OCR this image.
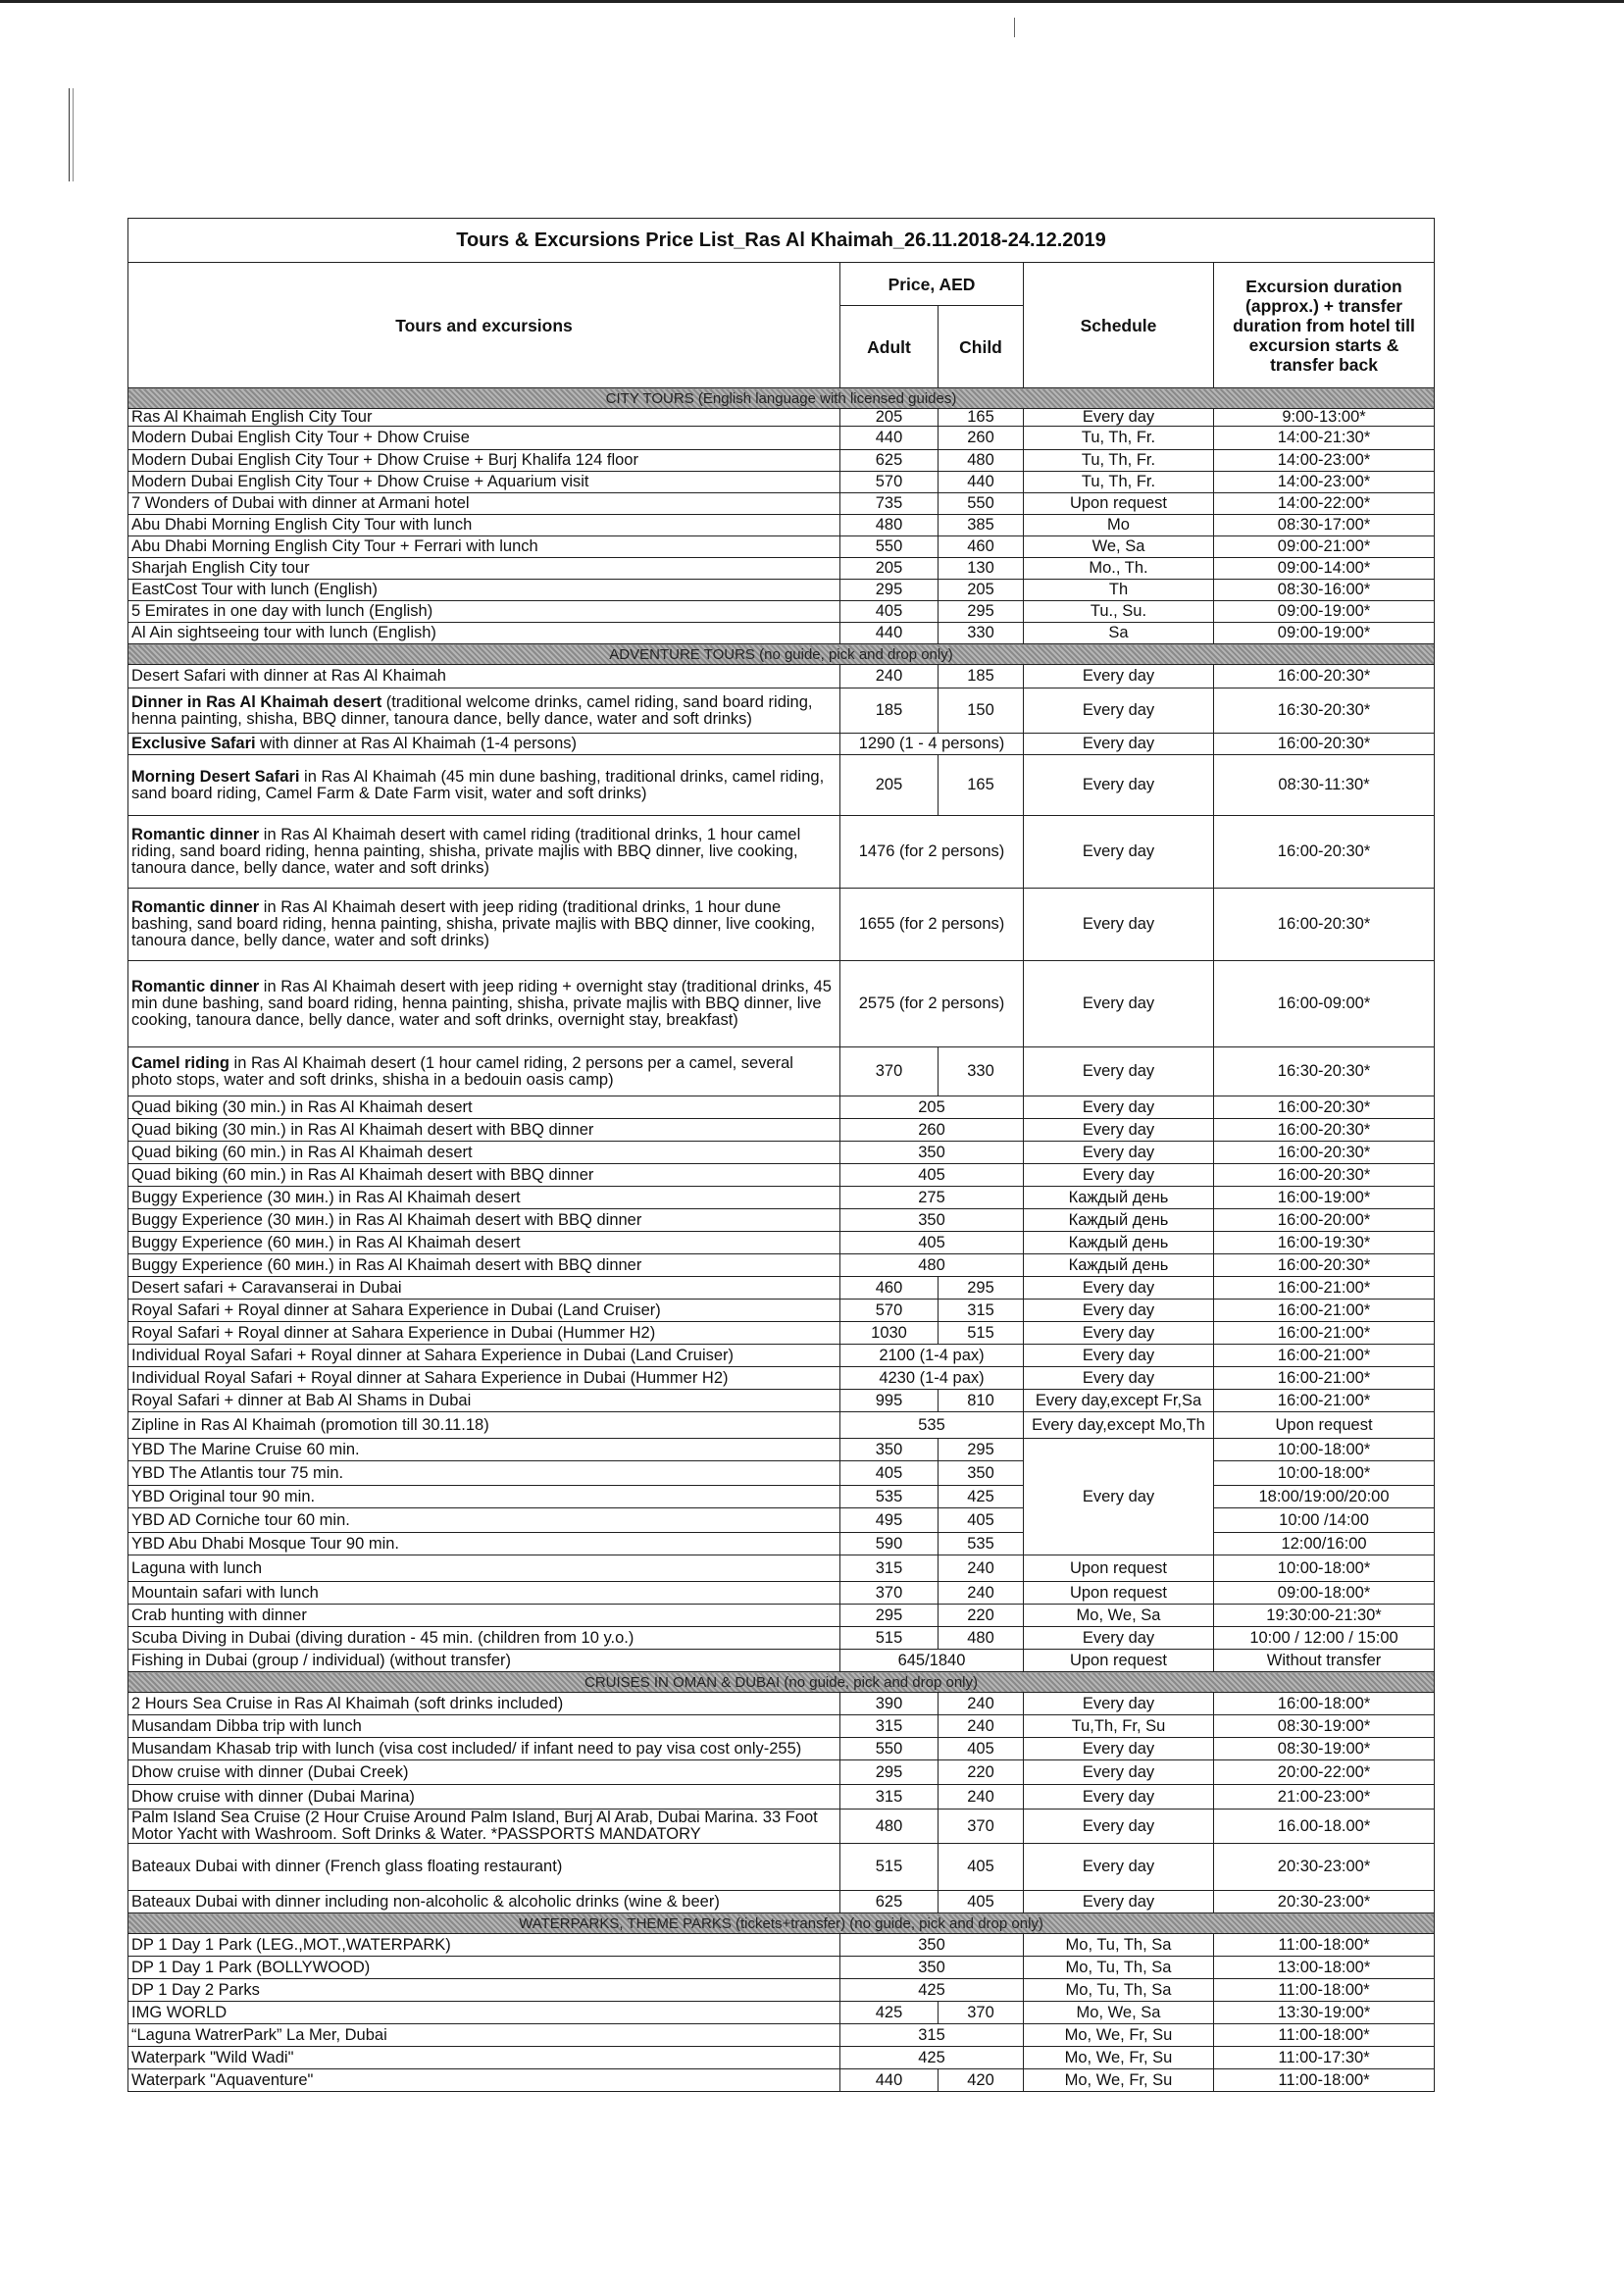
Tours & Excursions Price List_Ras Al Khaimah_26.11.2018-24.12.2019				
Tours and excursions	Price, AED		Schedule	Excursion duration (approx.) + transfer duration from hotel till excursion starts & transfer back
	Adult	Child		
CITY TOURS (English language with licensed guides)				
Ras Al Khaimah English City Tour	205	165	Every day	9:00-13:00*
Modern Dubai English City Tour + Dhow Cruise	440	260	Tu, Th, Fr.	14:00-21:30*
Modern Dubai English City Tour + Dhow Cruise + Burj Khalifa 124 floor	625	480	Tu, Th, Fr.	14:00-23:00*
Modern Dubai English City Tour + Dhow Cruise + Aquarium visit	570	440	Tu, Th, Fr.	14:00-23:00*
7 Wonders of Dubai with dinner at Armani hotel	735	550	Upon request	14:00-22:00*
Abu Dhabi Morning English City Tour with lunch	480	385	Mo	08:30-17:00*
Abu Dhabi Morning English City Tour + Ferrari with lunch	550	460	We, Sa	09:00-21:00*
Sharjah English City tour	205	130	Mo., Th.	09:00-14:00*
EastCost Tour with lunch (English)	295	205	Th	08:30-16:00*
5 Emirates in one day with lunch (English)	405	295	Tu., Su.	09:00-19:00*
Al Ain sightseeing tour with lunch (English)	440	330	Sa	09:00-19:00*
ADVENTURE TOURS (no guide, pick and drop only)				
Desert Safari with dinner at Ras Al Khaimah	240	185	Every day	16:00-20:30*
Dinner in Ras Al Khaimah desert (traditional welcome drinks, camel riding, sand board riding, henna painting, shisha, BBQ dinner, tanoura dance, belly dance, water and soft drinks)	185	150	Every day	16:30-20:30*
Exclusive Safari with dinner at Ras Al Khaimah (1-4 persons)	1290 (1 - 4 persons)		Every day	16:00-20:30*
Morning Desert Safari in Ras Al Khaimah (45 min dune bashing, traditional drinks, camel riding, sand board riding, Camel Farm & Date Farm visit, water and soft drinks)	205	165	Every day	08:30-11:30*
Romantic dinner in Ras Al Khaimah desert with camel riding (traditional drinks, 1 hour camel riding, sand board riding, henna painting, shisha, private majlis with BBQ dinner, live cooking, tanoura dance, belly dance, water and soft drinks)	1476 (for 2 persons)		Every day	16:00-20:30*
Romantic dinner in Ras Al Khaimah desert with jeep riding (traditional drinks, 1 hour dune bashing, sand board riding, henna painting, shisha, private majlis with BBQ dinner, live cooking, tanoura dance, belly dance, water and soft drinks)	1655 (for 2 persons)		Every day	16:00-20:30*
Romantic dinner in Ras Al Khaimah desert with jeep riding + overnight stay (traditional drinks, 45 min dune bashing, sand board riding, henna painting, shisha, private majlis with BBQ dinner, live cooking, tanoura dance, belly dance, water and soft drinks, overnight stay, breakfast)	2575 (for 2 persons)		Every day	16:00-09:00*
Camel riding in Ras Al Khaimah desert (1 hour camel riding, 2 persons per a camel, several photo stops, water and soft drinks, shisha in a bedouin oasis camp)	370	330	Every day	16:30-20:30*
Quad biking (30 min.) in Ras Al Khaimah desert	205		Every day	16:00-20:30*
Quad biking (30 min.) in Ras Al Khaimah desert with BBQ dinner	260		Every day	16:00-20:30*
Quad biking (60 min.) in Ras Al Khaimah desert	350		Every day	16:00-20:30*
Quad biking (60 min.) in Ras Al Khaimah desert with BBQ dinner	405		Every day	16:00-20:30*
Buggy Experience (30 мин.) in Ras Al Khaimah desert	275		Каждый день	16:00-19:00*
Buggy Experience (30 мин.) in Ras Al Khaimah desert with BBQ dinner	350		Каждый день	16:00-20:00*
Buggy Experience (60 мин.) in Ras Al Khaimah desert	405		Каждый день	16:00-19:30*
Buggy Experience (60 мин.) in Ras Al Khaimah desert with BBQ dinner	480		Каждый день	16:00-20:30*
Desert safari + Caravanserai in Dubai	460	295	Every day	16:00-21:00*
Royal Safari + Royal dinner at Sahara Experience in Dubai (Land Cruiser)	570	315	Every day	16:00-21:00*
Royal Safari + Royal dinner at Sahara Experience in Dubai (Hummer H2)	1030	515	Every day	16:00-21:00*
Individual Royal Safari + Royal dinner at Sahara Experience in Dubai (Land Cruiser)	2100 (1-4 pax)		Every day	16:00-21:00*
Individual Royal Safari + Royal dinner at Sahara Experience in Dubai (Hummer H2)	4230 (1-4 pax)		Every day	16:00-21:00*
Royal Safari + dinner at Bab Al Shams in Dubai	995	810	Every day,except Fr,Sa	16:00-21:00*
Zipline in Ras Al Khaimah (promotion till 30.11.18)	535		Every day,except Mo,Th	Upon request
YBD The Marine Cruise 60 min.	350	295	Every day	10:00-18:00*
YBD The Atlantis tour 75 min.	405	350		10:00-18:00*
YBD Original tour 90 min.	535	425		18:00/19:00/20:00
YBD AD Corniche tour 60 min.	495	405		10:00 /14:00
YBD Abu Dhabi Mosque Tour 90 min.	590	535		12:00/16:00
Laguna with lunch	315	240	Upon request	10:00-18:00*
Mountain safari with lunch	370	240	Upon request	09:00-18:00*
Crab hunting with dinner	295	220	Mo, We, Sa	19:30:00-21:30*
Scuba Diving in Dubai (diving duration - 45 min. (children from 10 y.o.)	515	480	Every day	10:00 / 12:00 / 15:00
Fishing in Dubai (group / individual) (without transfer)	645/1840		Upon request	Without transfer
CRUISES IN OMAN & DUBAI (no guide, pick and drop only)				
2 Hours Sea Cruise in Ras Al Khaimah (soft drinks included)	390	240	Every day	16:00-18:00*
Musandam Dibba trip with lunch	315	240	Tu,Th, Fr, Su	08:30-19:00*
Musandam Khasab trip with lunch (visa cost included/ if infant need to pay visa cost only-255)	550	405	Every day	08:30-19:00*
Dhow cruise with dinner (Dubai Creek)	295	220	Every day	20:00-22:00*
Dhow cruise with dinner (Dubai Marina)	315	240	Every day	21:00-23:00*
Palm Island Sea Cruise (2 Hour Cruise Around Palm Island, Burj Al Arab, Dubai Marina. 33 Foot Motor Yacht with Washroom. Soft Drinks & Water. *PASSPORTS MANDATORY	480	370	Every day	16.00-18.00*
Bateaux Dubai with dinner (French glass floating restaurant)	515	405	Every day	20:30-23:00*
Bateaux Dubai with dinner including non-alcoholic & alcoholic drinks (wine & beer)	625	405	Every day	20:30-23:00*
WATERPARKS, THEME PARKS (tickets+transfer) (no guide, pick and drop only)				
DP 1 Day 1 Park (LEG.,MOT.,WATERPARK)	350		Mo, Tu, Th, Sa	11:00-18:00*
DP 1 Day 1 Park (BOLLYWOOD)	350		Mo, Tu, Th, Sa	13:00-18:00*
DP 1 Day 2 Parks	425		Mo, Tu, Th, Sa	11:00-18:00*
IMG WORLD	425	370	Mo, We, Sa	13:30-19:00*
“Laguna WatrerPark” La Mer, Dubai	315		Mo, We, Fr, Su	11:00-18:00*
Waterpark "Wild Wadi"	425		Mo, We, Fr, Su	11:00-17:30*
Waterpark "Aquaventure"	440	420	Mo, We, Fr, Su	11:00-18:00*
